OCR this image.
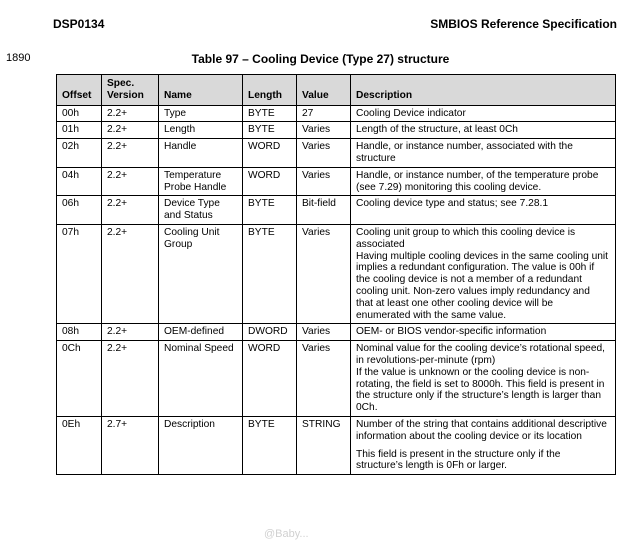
DSP0134	SMBIOS Reference Specification
1890	Table 97 – Cooling Device (Type 27) structure
Offset	Spec. Version	Name	Length	Value	Description
00h	2.2+	Type	BYTE	27	Cooling Device indicator

01h	2.2+	Length	BYTE	Varies	Length of the structure, at least 0Ch

02h	2.2+	Handle	WORD	Varies	Handle, or instance number, associated with the structure

04h	2.2+	Temperature Probe Handle	WORD	Varies	Handle, or instance number, of the temperature probe (see 7.29) monitoring this cooling device.

06h	2.2+	Device Type and Status	BYTE	Bit-field	Cooling device type and status; see 7.28.1

07h	2.2+	Cooling Unit Group	BYTE	Varies	Cooling unit group to which this cooling device is associated
Having multiple cooling devices in the same cooling unit implies a redundant configuration. The value is 00h if the cooling device is not a member of a redundant cooling unit. Non-zero values imply redundancy and that at least one other cooling device will be enumerated with the same value.

08h	2.2+	OEM-defined	DWORD	Varies	OEM- or BIOS vendor-specific information

0Ch	2.2+	Nominal Speed	WORD	Varies	Nominal value for the cooling device’s rotational speed, in revolutions-per-minute (rpm)
If the value is unknown or the cooling device is non-rotating, the field is set to 8000h. This field is present in the structure only if the structure’s length is larger than 0Ch.

0Eh	2.7+	Description	BYTE	STRING	Number of the string that contains additional descriptive information about the cooling device or its location
This field is present in the structure only if the structure’s length is 0Fh or larger.
@Baby...
